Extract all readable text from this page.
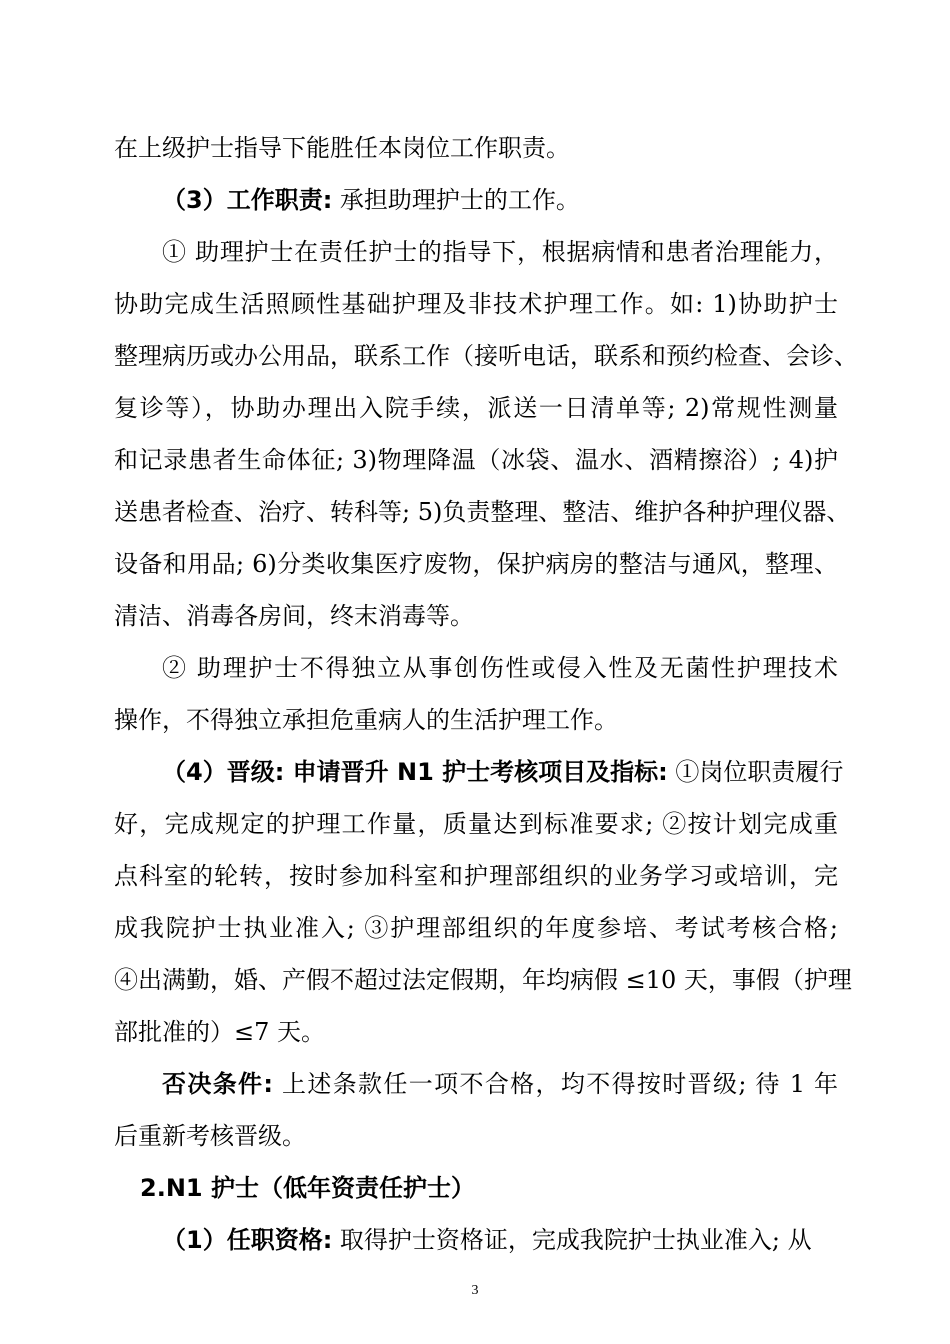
在上级护士指导下能胜任本岗位工作职责。
（3）工作职责: 承担助理护士的工作。
① 助理护士在责任护士的指导下，根据病情和患者治理能力，
协助完成生活照顾性基础护理及非技术护理工作。如: 1)协助护士
整理病历或办公用品，联系工作（接听电话，联系和预约检查、会诊、
复诊等），协助办理出入院手续，派送一日清单等; 2)常规性测量
和记录患者生命体征; 3)物理降温（冰袋、温水、酒精擦浴）; 4)护
送患者检查、治疗、转科等; 5)负责整理、整洁、维护各种护理仪器、
设备和用品; 6)分类收集医疗废物，保护病房的整洁与通风，整理、
清洁、消毒各房间，终末消毒等。
② 助理护士不得独立从事创伤性或侵入性及无菌性护理技术
操作，不得独立承担危重病人的生活护理工作。
（4）晋级: 申请晋升 N1 护士考核项目及指标: ①岗位职责履行
好，完成规定的护理工作量，质量达到标准要求; ②按计划完成重
点科室的轮转，按时参加科室和护理部组织的业务学习或培训，完
成我院护士执业准入; ③护理部组织的年度参培、考试考核合格;
④出满勤，婚、产假不超过法定假期，年均病假 ≤10 天，事假（护理
部批准的）≤7 天。
否决条件: 上述条款任一项不合格，均不得按时晋级; 待 1 年
后重新考核晋级。
2.N1 护士（低年资责任护士）
（1）任职资格: 取得护士资格证，完成我院护士执业准入; 从
3
